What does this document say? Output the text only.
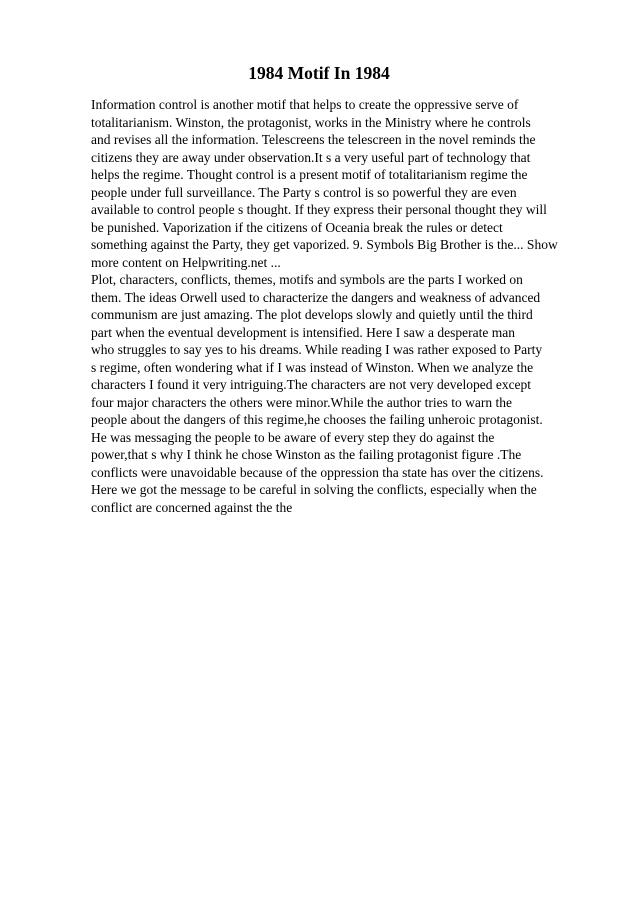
1984 Motif In 1984
Information control is another motif that helps to create the oppressive serve of
totalitarianism. Winston, the protagonist, works in the Ministry where he controls
and revises all the information. Telescreens the telescreen in the novel reminds the
citizens they are away under observation.It s a very useful part of technology that
helps the regime. Thought control is a present motif of totalitarianism regime the
people under full surveillance. The Party s control is so powerful they are even
available to control people s thought. If they express their personal thought they will
be punished. Vaporization if the citizens of Oceania break the rules or detect
something against the Party, they get vaporized. 9. Symbols Big Brother is the... Show
more content on Helpwriting.net ...
Plot, characters, conflicts, themes, motifs and symbols are the parts I worked on
them. The ideas Orwell used to characterize the dangers and weakness of advanced
communism are just amazing. The plot develops slowly and quietly until the third
part when the eventual development is intensified. Here I saw a desperate man
who struggles to say yes to his dreams. While reading I was rather exposed to Party
s regime, often wondering what if I was instead of Winston. When we analyze the
characters I found it very intriguing.The characters are not very developed except
four major characters the others were minor.While the author tries to warn the
people about the dangers of this regime,he chooses the failing unheroic protagonist.
He was messaging the people to be aware of every step they do against the
power,that s why I think he chose Winston as the failing protagonist figure .The
conflicts were unavoidable because of the oppression tha state has over the citizens.
Here we got the message to be careful in solving the conflicts, especially when the
conflict are concerned against the the
